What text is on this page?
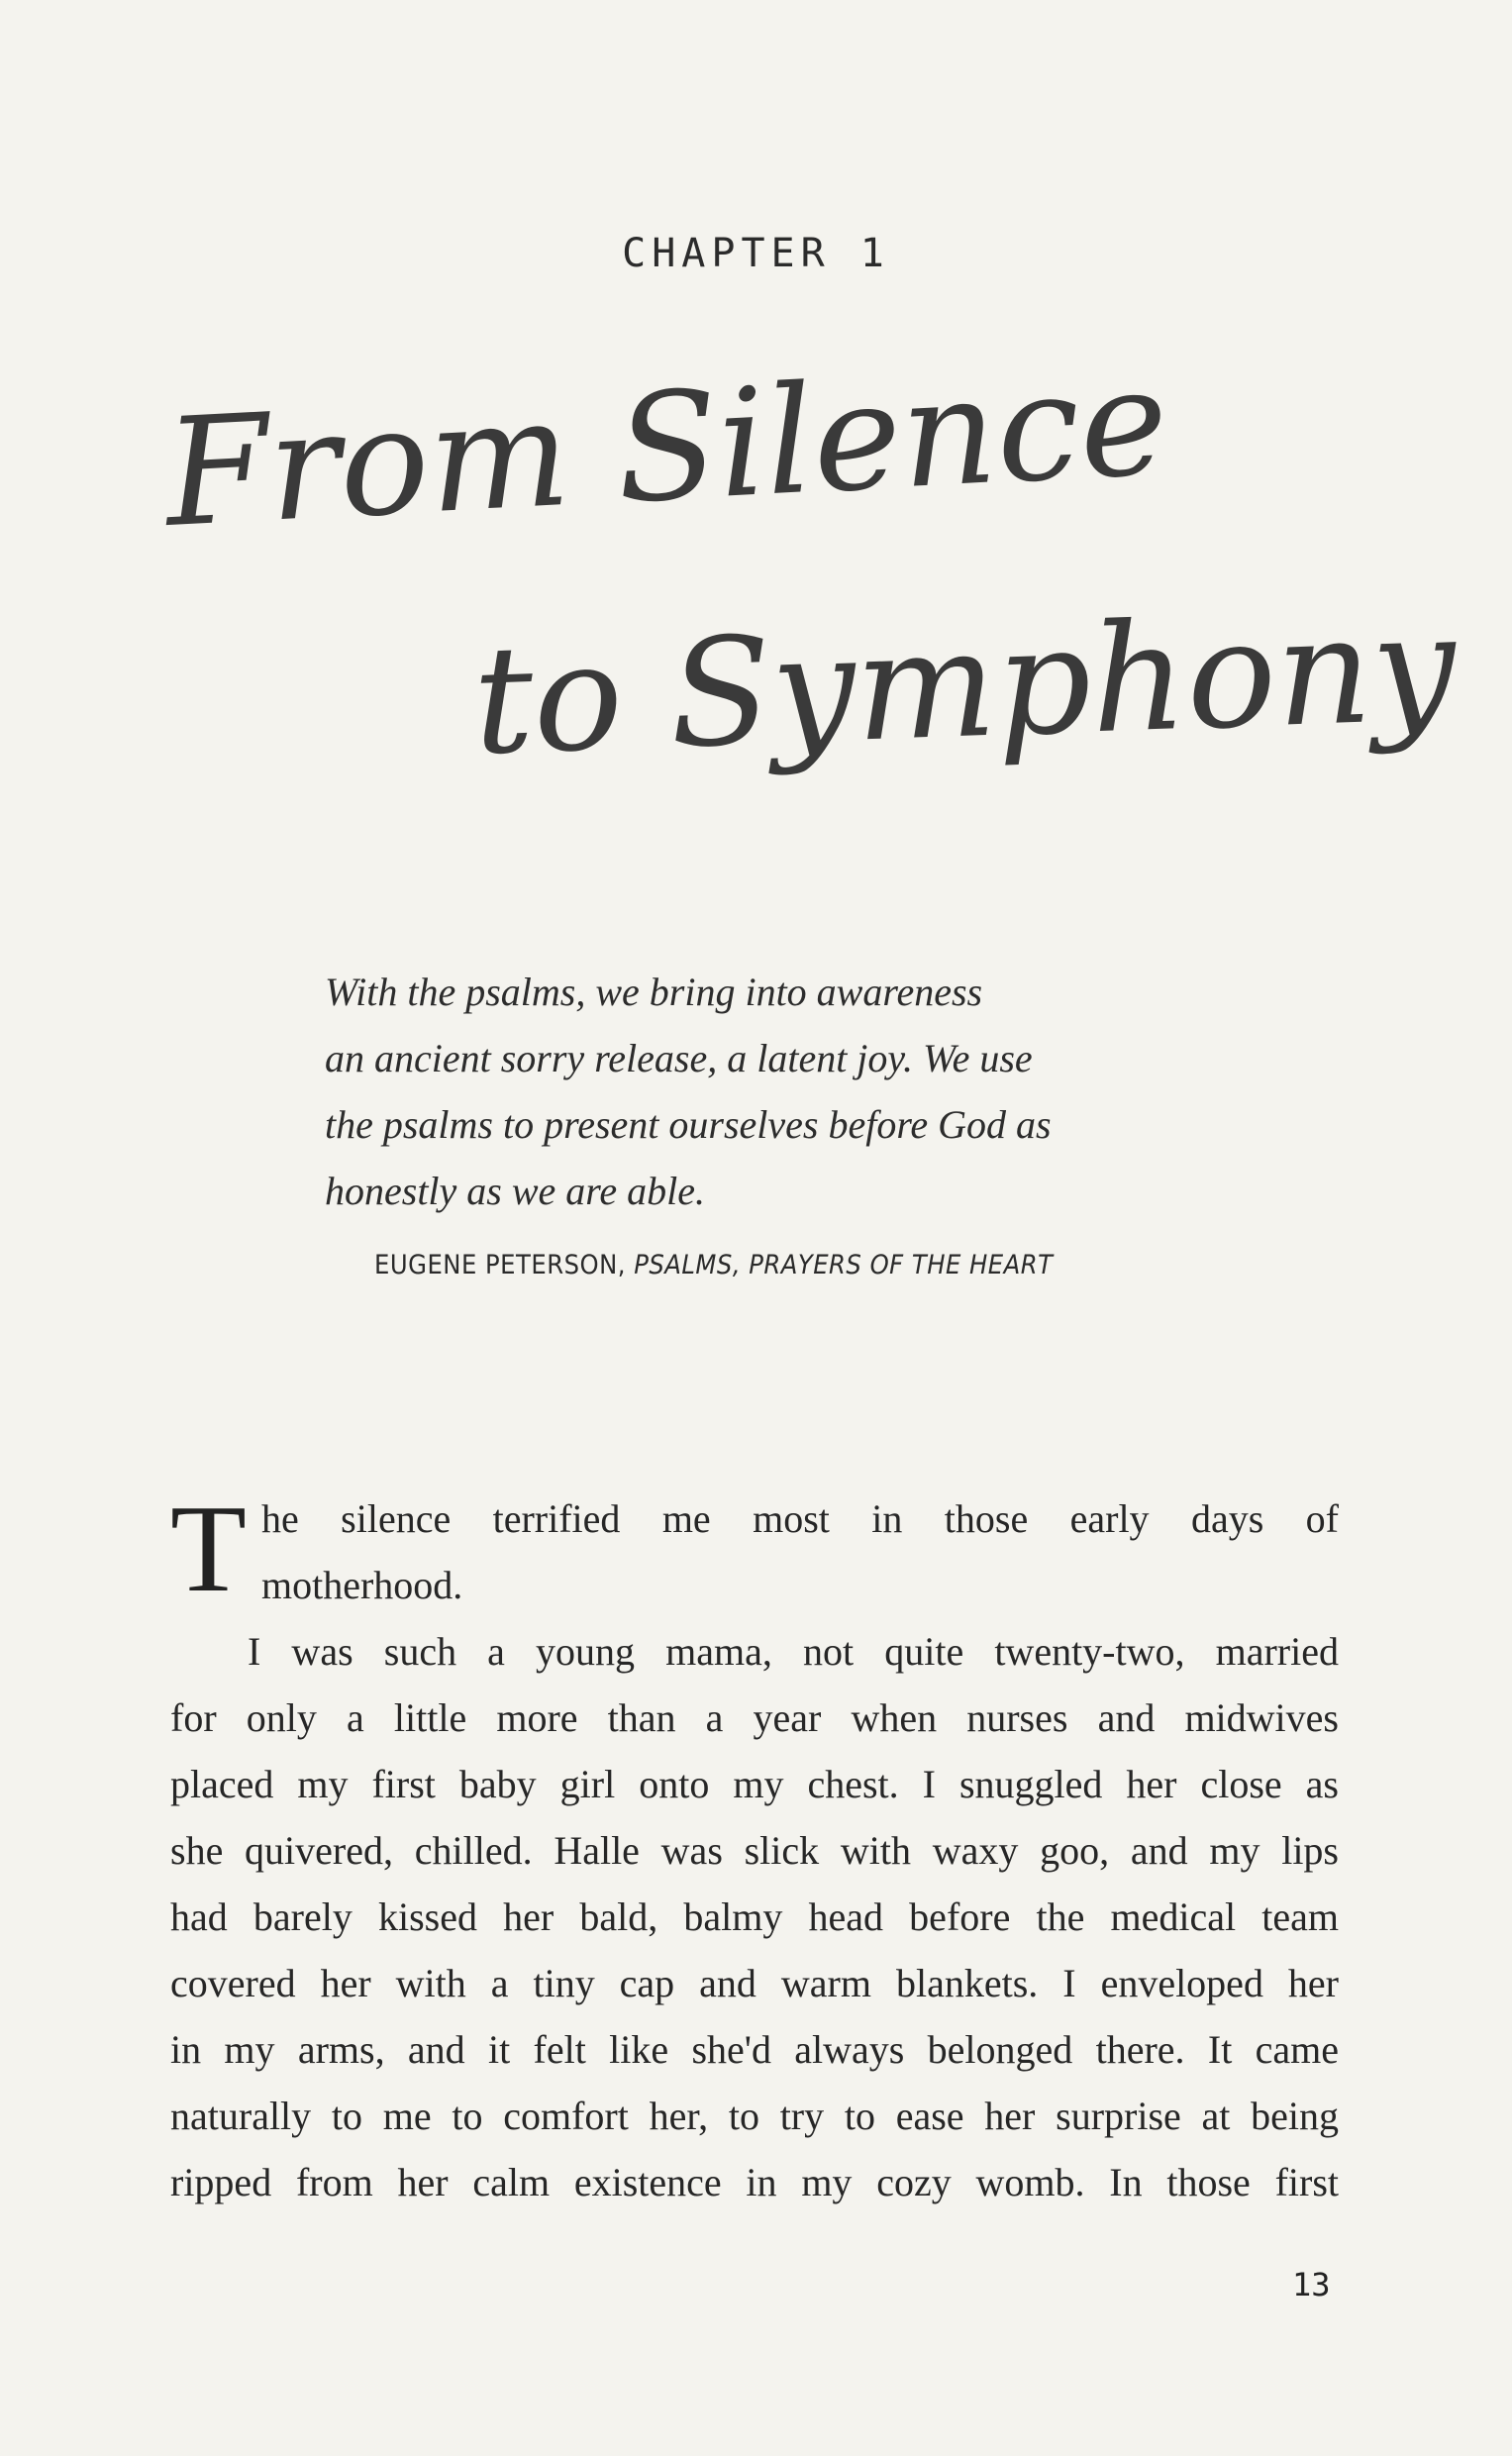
CHAPTER 1
From Silence
to Symphony
With the psalms, we bring into awareness
an ancient sorry release, a latent joy. We use
the psalms to present ourselves before God as
honestly as we are able.
EUGENE PETERSON, PSALMS, PRAYERS OF THE HEART
T he silence terrified me most in those early days of
motherhood.
I was such a young mama, not quite twenty-two, married
for only a little more than a year when nurses and midwives
placed my first baby girl onto my chest. I snuggled her close as
she quivered, chilled. Halle was slick with waxy goo, and my lips
had barely kissed her bald, balmy head before the medical team
covered her with a tiny cap and warm blankets. I enveloped her
in my arms, and it felt like she'd always belonged there. It came
naturally to me to comfort her, to try to ease her surprise at being
ripped from her calm existence in my cozy womb. In those first
13
